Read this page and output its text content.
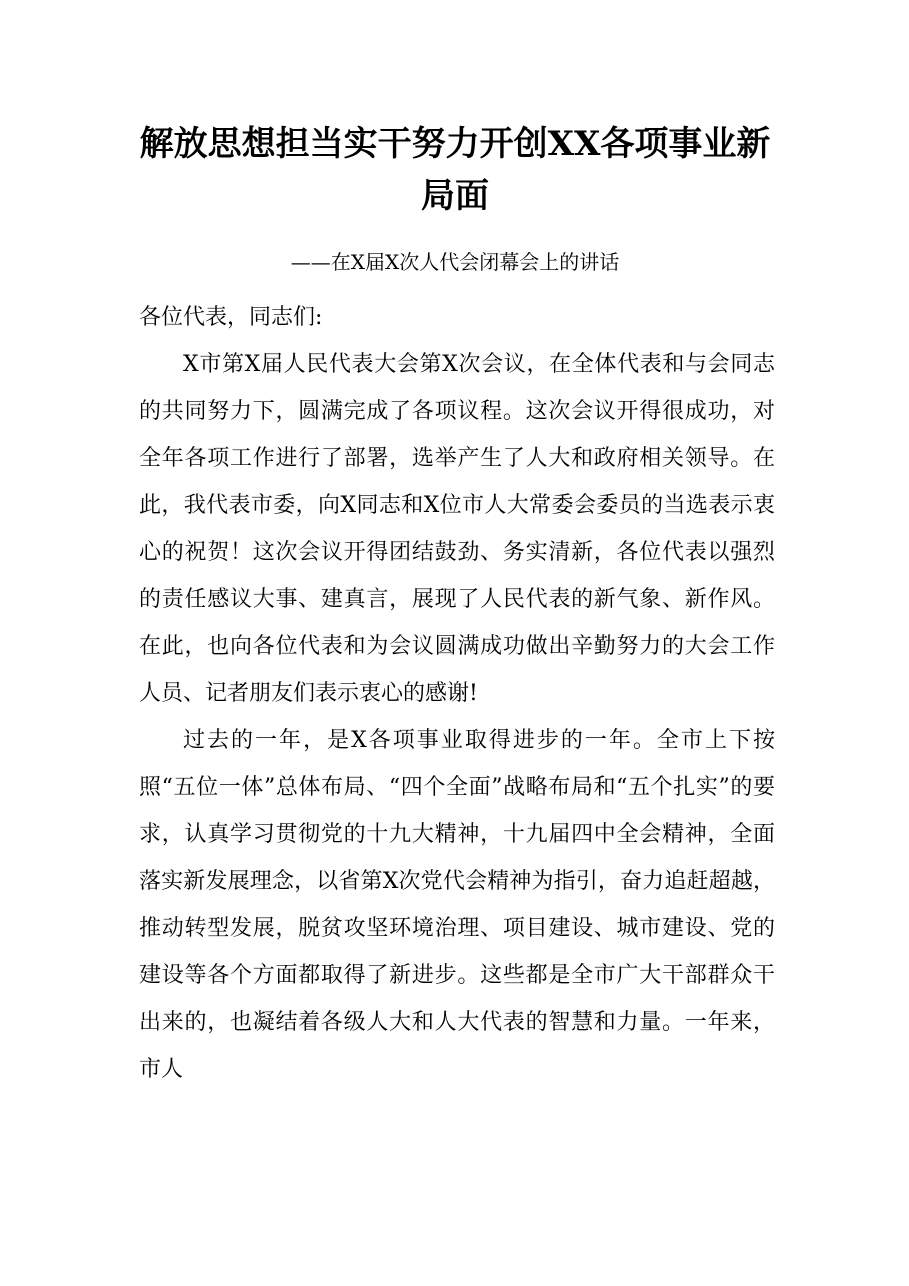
解放思想担当实干努力开创XX各项事业新局面
——在X届X次人代会闭幕会上的讲话

各位代表，同志们:

X市第X届人民代表大会第X次会议，在全体代表和与会同志的共同努力下，圆满完成了各项议程。这次会议开得很成功，对全年各项工作进行了部署，选举产生了人大和政府相关领导。在此，我代表市委，向X同志和X位市人大常委会委员的当选表示衷心的祝贺！这次会议开得团结鼓劲、务实清新，各位代表以强烈的责任感议大事、建真言，展现了人民代表的新气象、新作风。在此，也向各位代表和为会议圆满成功做出辛勤努力的大会工作人员、记者朋友们表示衷心的感谢!

过去的一年，是X各项事业取得进步的一年。全市上下按照“五位一体”总体布局、“四个全面”战略布局和“五个扎实”的要求，认真学习贯彻党的十九大精神，十九届四中全会精神，全面落实新发展理念，以省第X次党代会精神为指引，奋力追赶超越，推动转型发展，脱贫攻坚环境治理、项目建设、城市建设、党的建设等各个方面都取得了新进步。这些都是全市广大干部群众干出来的，也凝结着各级人大和人大代表的智慧和力量。一年来，市人
